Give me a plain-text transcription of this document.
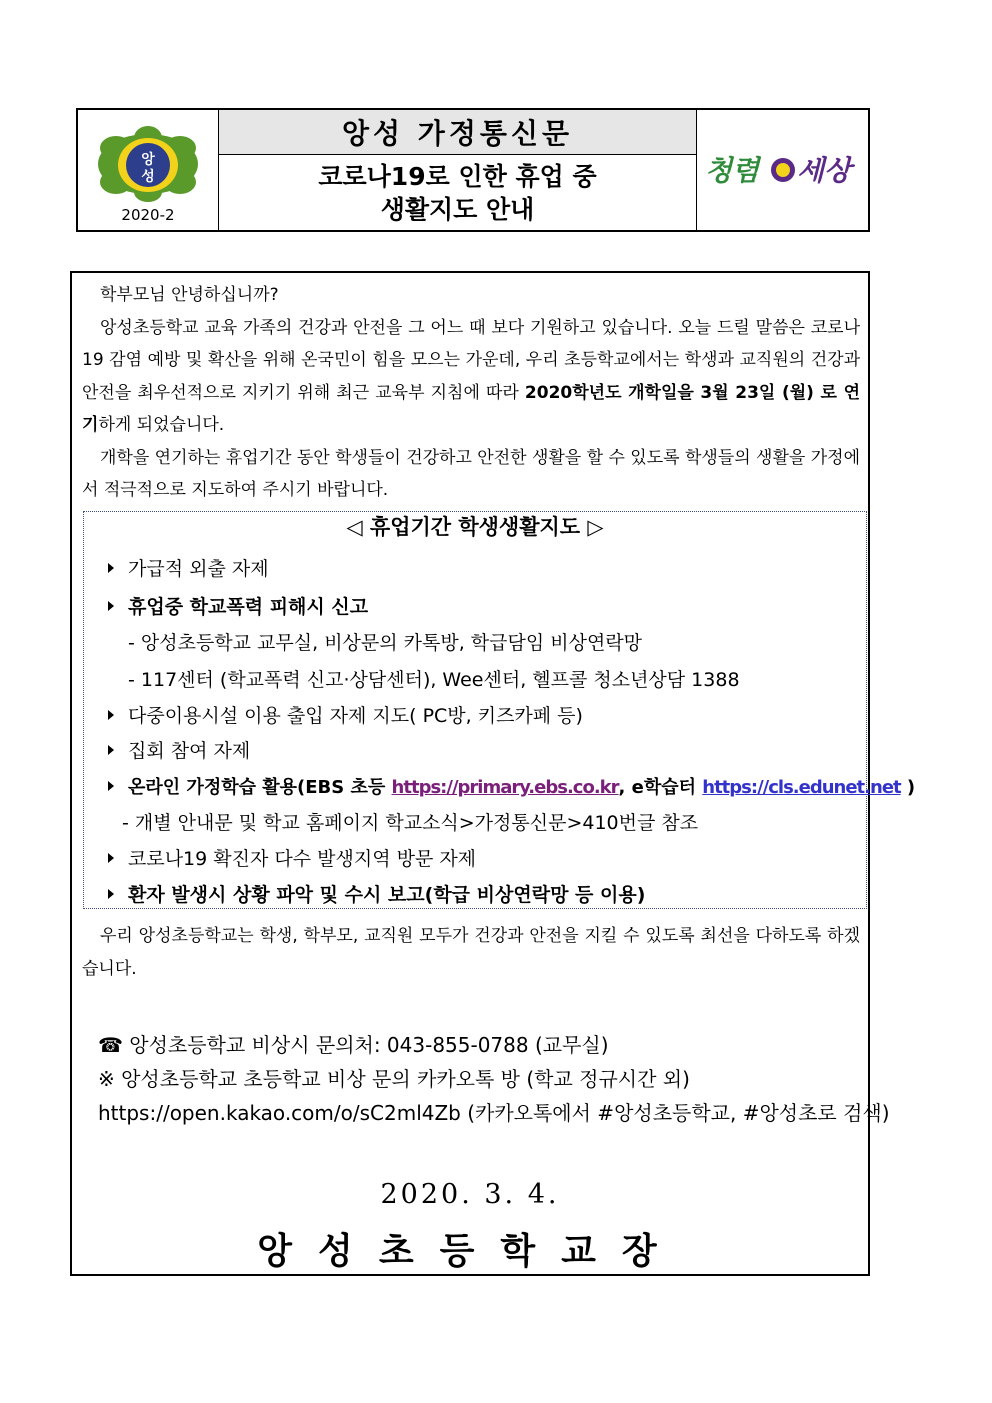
앙
성
2020-2
앙성 가정통신문
코로나19로 인한 휴업 중
생활지도 안내
청렴 세상
학부모님 안녕하십니까?
앙성초등학교 교육 가족의 건강과 안전을 그 어느 때 보다 기원하고 있습니다. 오늘 드릴 말씀은 코로나19 감염 예방 및 확산을 위해 온국민이 힘을 모으는 가운데, 우리 초등학교에서는 학생과 교직원의 건강과 안전을 최우선적으로 지키기 위해 최근 교육부 지침에 따라 2020학년도 개학일을 3월 23일 (월) 로 연기하게 되었습니다.
개학을 연기하는 휴업기간 동안 학생들이 건강하고 안전한 생활을 할 수 있도록 학생들의 생활을 가정에서 적극적으로 지도하여 주시기 바랍니다.
◁ 휴업기간 학생생활지도 ▷
가급적 외출 자제
휴업중 학교폭력 피해시 신고
- 앙성초등학교 교무실, 비상문의 카톡방, 학급담임 비상연락망
- 117센터 (학교폭력 신고·상담센터), Wee센터, 헬프콜 청소년상담 1388
다중이용시설 이용 출입 자제 지도( PC방, 키즈카페 등)
집회 참여 자제
온라인 가정학습 활용(EBS 초등 https://primary.ebs.co.kr, e학습터 https://cls.edunet.net )
- 개별 안내문 및 학교 홈페이지 학교소식>가정통신문>410번글 참조
코로나19 확진자 다수 발생지역 방문 자제
환자 발생시 상황 파악 및 수시 보고(학급 비상연락망 등 이용)
우리 앙성초등학교는 학생, 학부모, 교직원 모두가 건강과 안전을 지킬 수 있도록 최선을 다하도록 하겠습니다.
☎ 앙성초등학교 비상시 문의처: 043-855-0788 (교무실)
※ 앙성초등학교 초등학교 비상 문의 카카오톡 방 (학교 정규시간 외)
https://open.kakao.com/o/sC2ml4Zb (카카오톡에서 #앙성초등학교, #앙성초로 검색)
2020. 3. 4.
앙성초등학교장
